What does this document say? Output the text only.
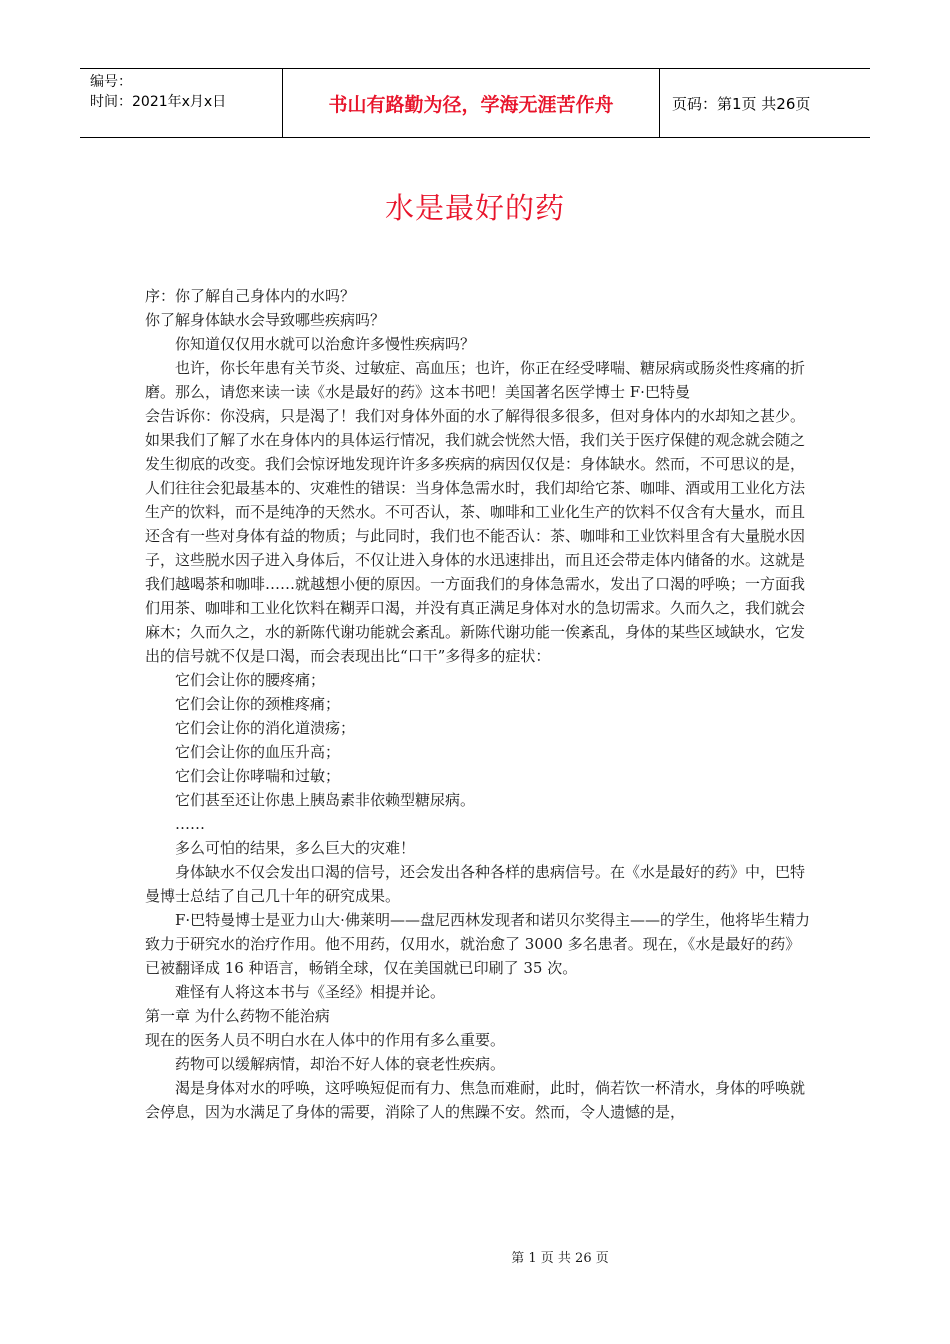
编号：
时间：2021年x月x日	书山有路勤为径，学海无涯苦作舟	页码：第1页 共26页
水是最好的药

序：你了解自己身体内的水吗？

你了解身体缺水会导致哪些疾病吗？

你知道仅仅用水就可以治愈许多慢性疾病吗？

也许，你长年患有关节炎、过敏症、高血压；也许，你正在经受哮喘、糖尿病或肠炎性疼痛的折磨。那么，请您来读一读《水是最好的药》这本书吧！美国著名医学博士 F·巴特曼

会告诉你：你没病，只是渴了！我们对身体外面的水了解得很多很多，但对身体内的水却知之甚少。如果我们了解了水在身体内的具体运行情况，我们就会恍然大悟，我们关于医疗保健的观念就会随之发生彻底的改变。我们会惊讶地发现许许多多疾病的病因仅仅是：身体缺水。然而，不可思议的是，人们往往会犯最基本的、灾难性的错误：当身体急需水时，我们却给它茶、咖啡、酒或用工业化方法生产的饮料，而不是纯净的天然水。不可否认，茶、咖啡和工业化生产的饮料不仅含有大量水，而且还含有一些对身体有益的物质；与此同时，我们也不能否认：茶、咖啡和工业饮料里含有大量脱水因子，这些脱水因子进入身体后，不仅让进入身体的水迅速排出，而且还会带走体内储备的水。这就是我们越喝茶和咖啡……就越想小便的原因。一方面我们的身体急需水，发出了口渴的呼唤；一方面我们用茶、咖啡和工业化饮料在糊弄口渴，并没有真正满足身体对水的急切需求。久而久之，我们就会麻木；久而久之，水的新陈代谢功能就会紊乱。新陈代谢功能一俟紊乱，身体的某些区域缺水，它发出的信号就不仅是口渴，而会表现出比“口干”多得多的症状：

它们会让你的腰疼痛；

它们会让你的颈椎疼痛；

它们会让你的消化道溃疡；

它们会让你的血压升高；

它们会让你哮喘和过敏；

它们甚至还让你患上胰岛素非依赖型糖尿病。

……

多么可怕的结果，多么巨大的灾难！

身体缺水不仅会发出口渴的信号，还会发出各种各样的患病信号。在《水是最好的药》中，巴特曼博士总结了自己几十年的研究成果。

F·巴特曼博士是亚力山大·佛莱明——盘尼西林发现者和诺贝尔奖得主——的学生，他将毕生精力致力于研究水的治疗作用。他不用药，仅用水，就治愈了 3000 多名患者。现在，《水是最好的药》已被翻译成 16 种语言，畅销全球，仅在美国就已印刷了 35 次。

难怪有人将这本书与《圣经》相提并论。

第一章 为什么药物不能治病

现在的医务人员不明白水在人体中的作用有多么重要。

药物可以缓解病情，却治不好人体的衰老性疾病。

渴是身体对水的呼唤，这呼唤短促而有力、焦急而难耐，此时，倘若饮一杯清水，身体的呼唤就会停息，因为水满足了身体的需要，消除了人的焦躁不安。然而，令人遗憾的是，

第 1 页 共 26 页
